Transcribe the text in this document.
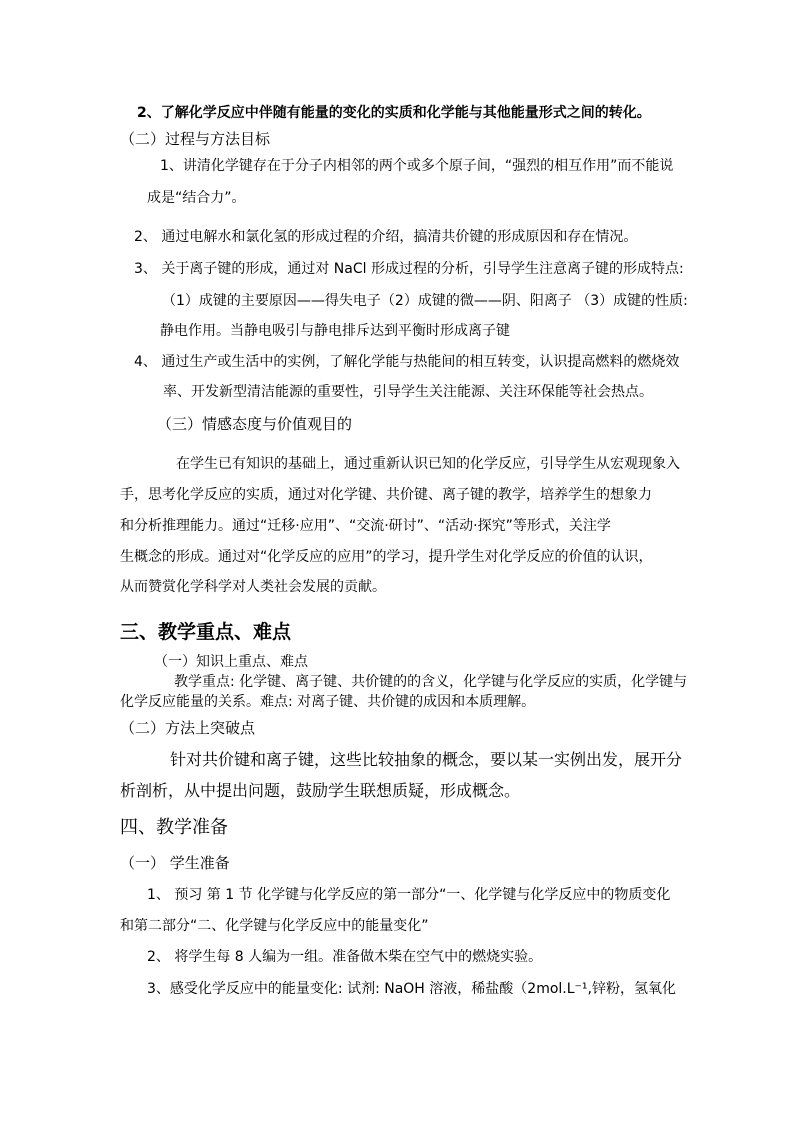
2、了解化学反应中伴随有能量的变化的实质和化学能与其他能量形式之间的转化。
（二）过程与方法目标
1、讲清化学键存在于分子内相邻的两个或多个原子间，“强烈的相互作用”而不能说
成是“结合力”。
2、 通过电解水和氯化氢的形成过程的介绍，搞清共价键的形成原因和存在情况。
3、 关于离子键的形成，通过对 NaCl 形成过程的分析，引导学生注意离子键的形成特点:
（1）成键的主要原因——得失电子（2）成键的微——阴、阳离子 （3）成键的性质:
静电作用。当静电吸引与静电排斥达到平衡时形成离子键
4、 通过生产或生活中的实例，了解化学能与热能间的相互转变，认识提高燃料的燃烧效
率、开发新型清洁能源的重要性，引导学生关注能源、关注环保能等社会热点。
（三）情感态度与价值观目的
在学生已有知识的基础上，通过重新认识已知的化学反应，引导学生从宏观现象入
手，思考化学反应的实质，通过对化学键、共价键、离子键的教学，培养学生的想象力
和分析推理能力。通过“迁移·应用”、“交流·研讨”、“活动·探究”等形式，关注学
生概念的形成。通过对“化学反应的应用”的学习，提升学生对化学反应的价值的认识，
从而赞赏化学科学对人类社会发展的贡献。
三、教学重点、难点
（一）知识上重点、难点
教学重点: 化学键、离子键、共价键的的含义，化学键与化学反应的实质，化学键与
化学反应能量的关系。难点: 对离子键、共价键的成因和本质理解。
（二）方法上突破点
针对共价键和离子键，这些比较抽象的概念，要以某一实例出发，展开分
析剖析，从中提出问题，鼓励学生联想质疑，形成概念。
四、教学准备
（一） 学生准备
1、 预习 第 1 节 化学键与化学反应的第一部分“一、化学键与化学反应中的物质变化
和第二部分“二、化学键与化学反应中的能量变化”
2、 将学生每 8 人编为一组。准备做木柴在空气中的燃烧实验。
3、感受化学反应中的能量变化: 试剂: NaOH 溶液，稀盐酸（2mol.L⁻¹,锌粉，氢氧化
